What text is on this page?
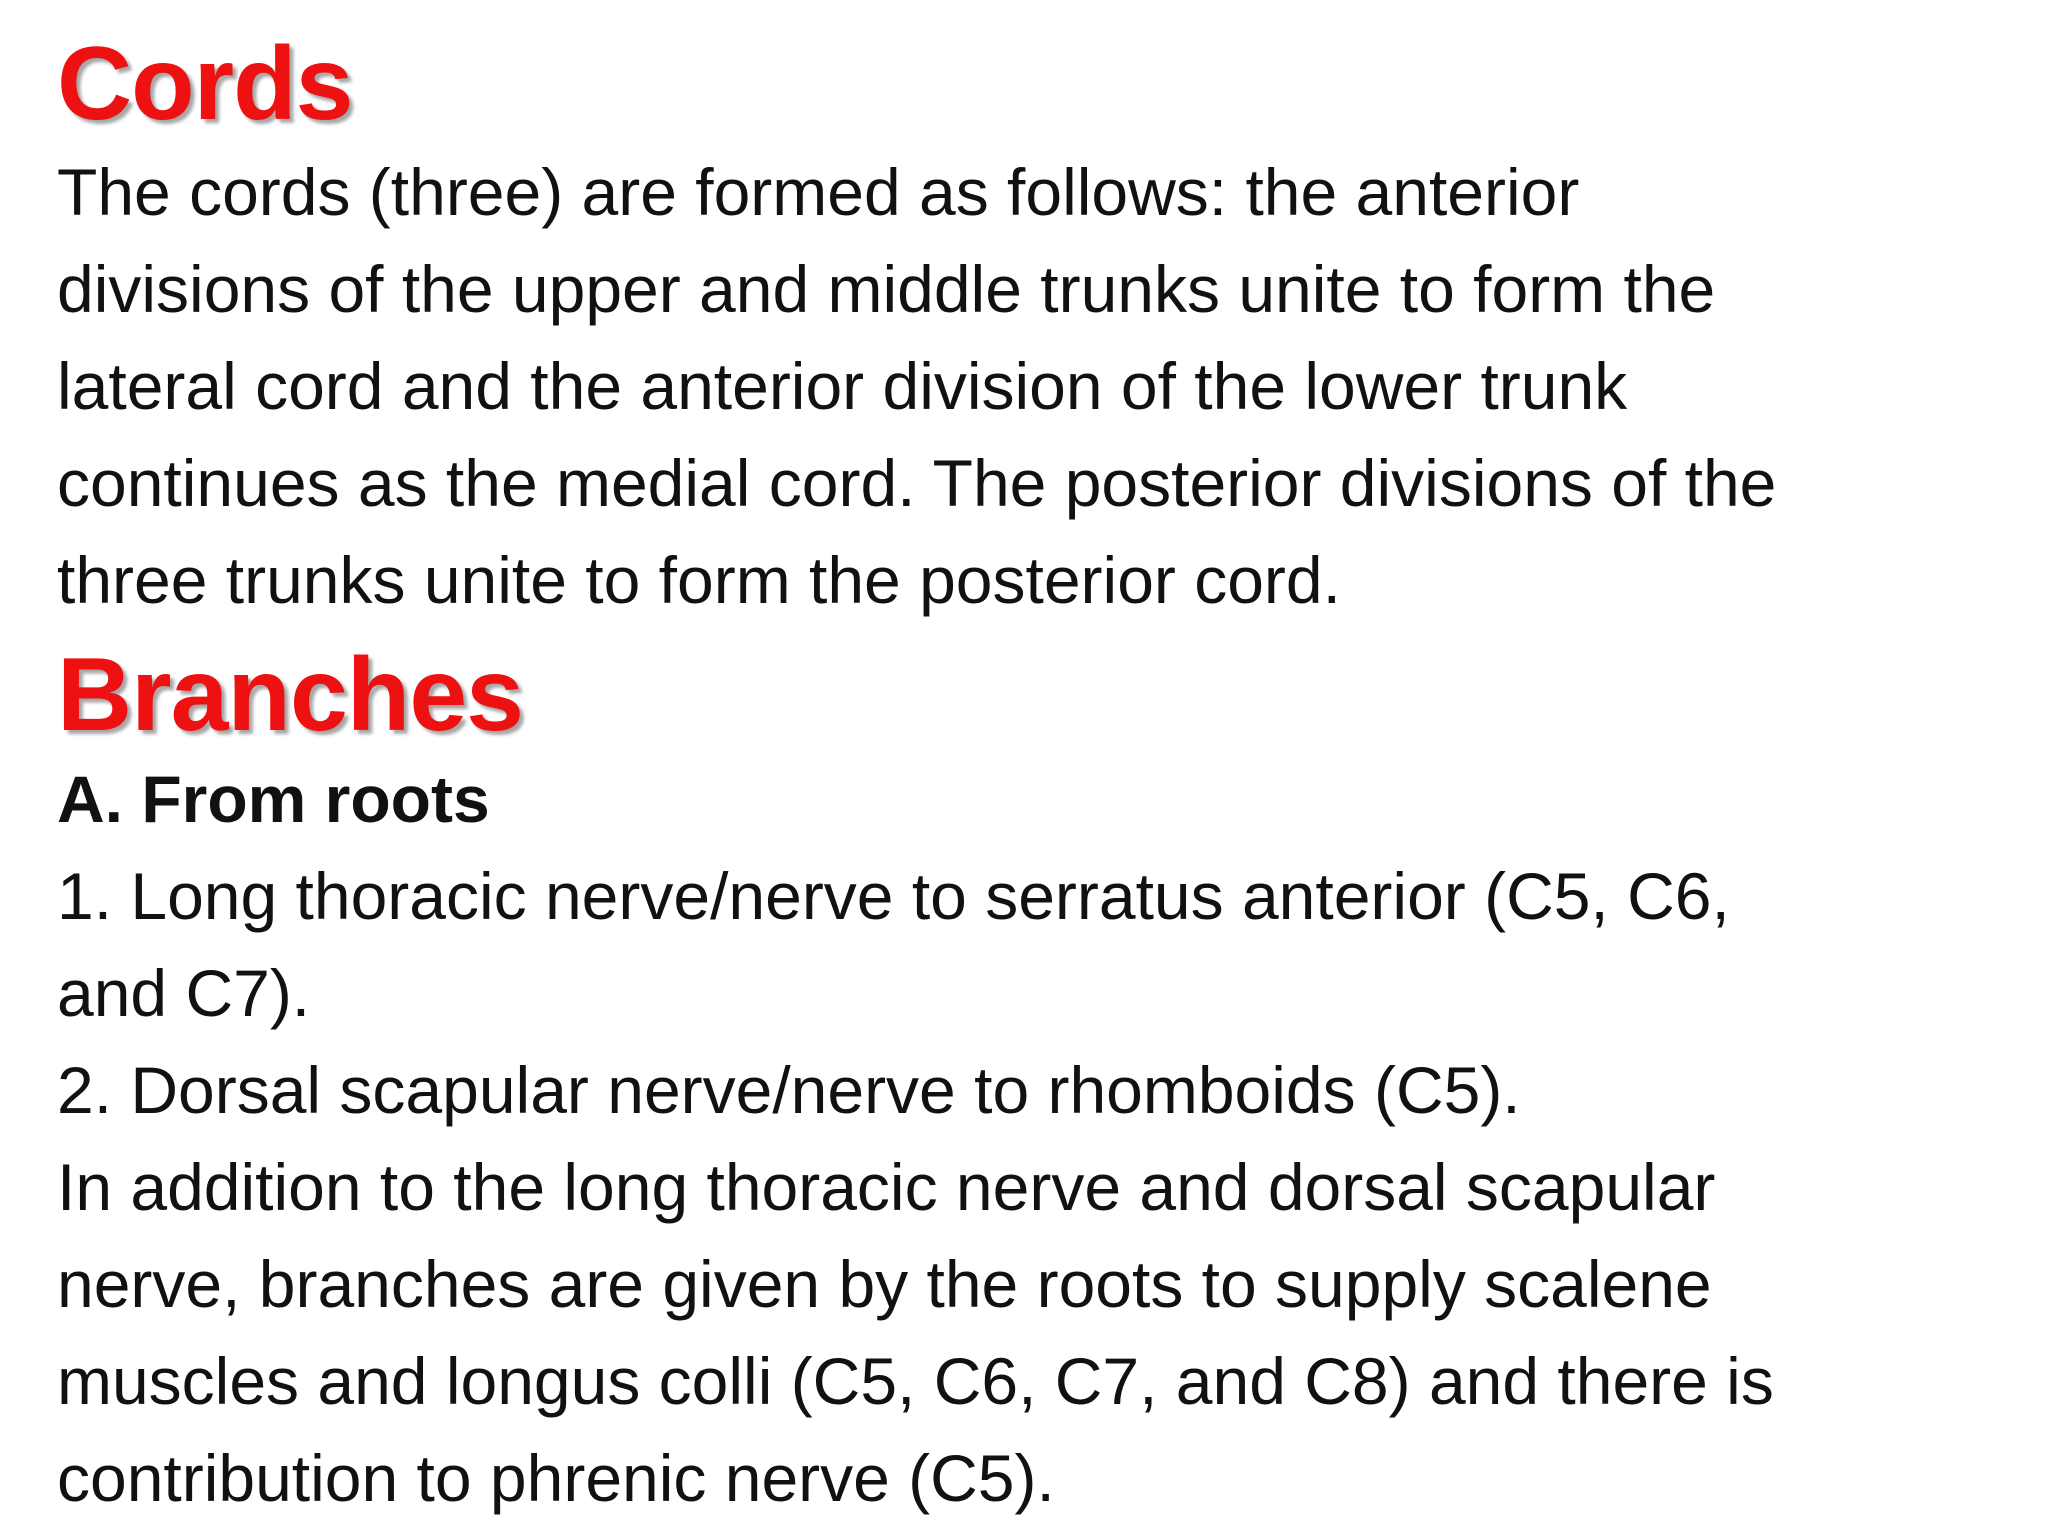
Cords

The cords (three) are formed as follows: the anterior
divisions of the upper and middle trunks unite to form the
lateral cord and the anterior division of the lower trunk
continues as the medial cord. The posterior divisions of the
three trunks unite to form the posterior cord.

Branches

A. From roots

1. Long thoracic nerve/nerve to serratus anterior (C5, C6,
and C7).

2. Dorsal scapular nerve/nerve to rhomboids (C5).

In addition to the long thoracic nerve and dorsal scapular
nerve, branches are given by the roots to supply scalene
muscles and longus colli (C5, C6, C7, and C8) and there is
contribution to phrenic nerve (C5).
